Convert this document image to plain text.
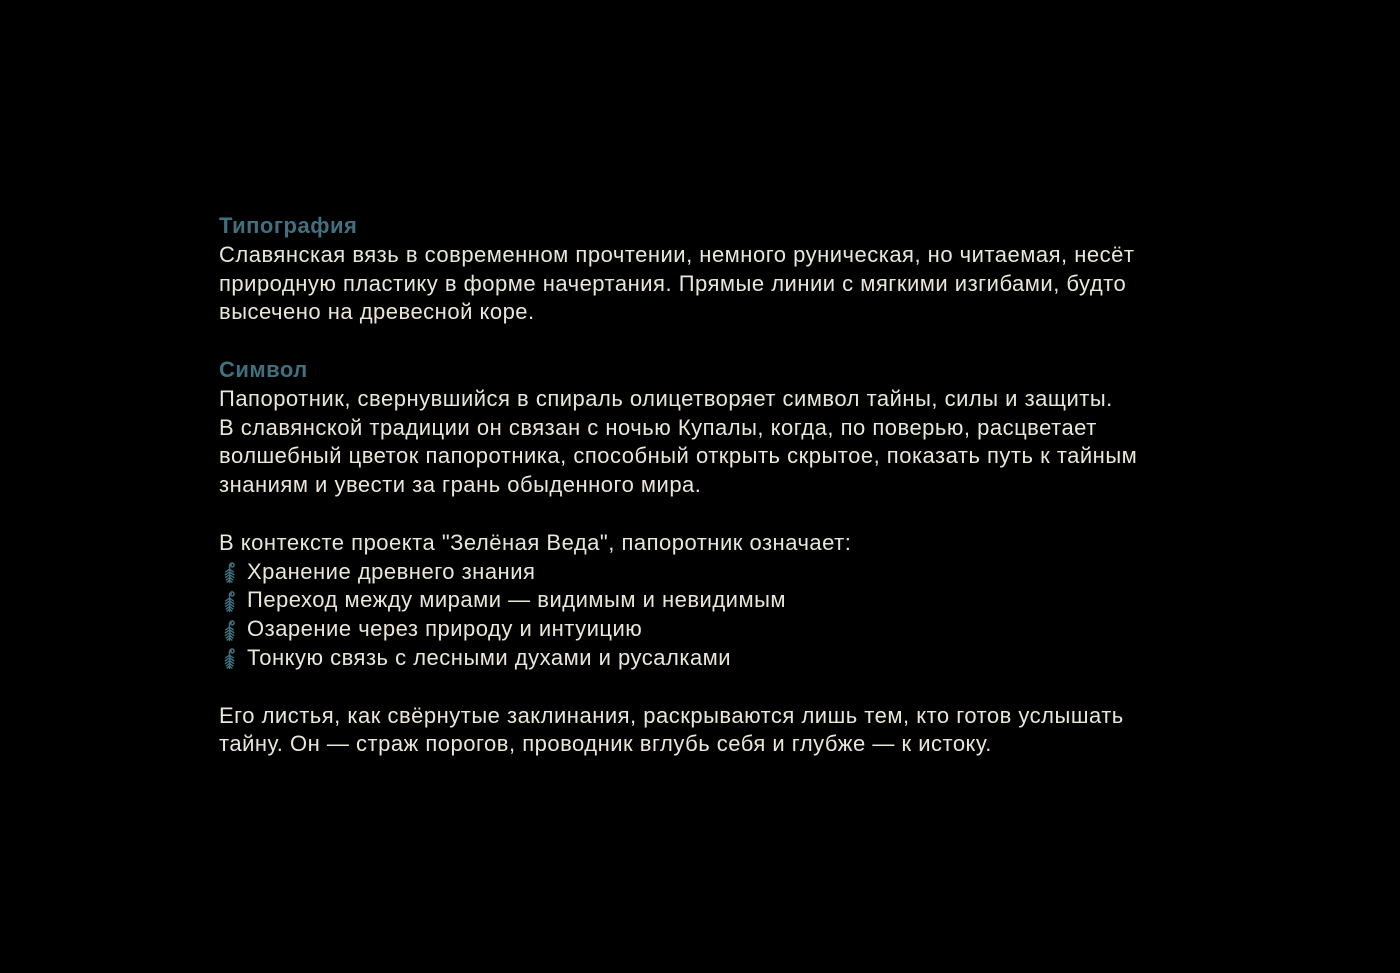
Типография
Славянская вязь в современном прочтении, немного руническая, но читаемая, несёт
природную пластику в форме начертания. Прямые линии с мягкими изгибами, будто
высечено на древесной коре.
Символ
Папоротник, свернувшийся в спираль олицетворяет символ тайны, силы и защиты.
В славянской традиции он связан с ночью Купалы, когда, по поверью, расцветает
волшебный цветок папоротника, способный открыть скрытое, показать путь к тайным
знаниям и увести за грань обыденного мира.
В контексте проекта "Зелёная Веда", папоротник означает:
Хранение древнего знания
Переход между мирами — видимым и невидимым
Озарение через природу и интуицию
Тонкую связь с лесными духами и русалками
Его листья, как свёрнутые заклинания, раскрываются лишь тем, кто готов услышать
тайну. Он — страж порогов, проводник вглубь себя и глубже — к истоку.
